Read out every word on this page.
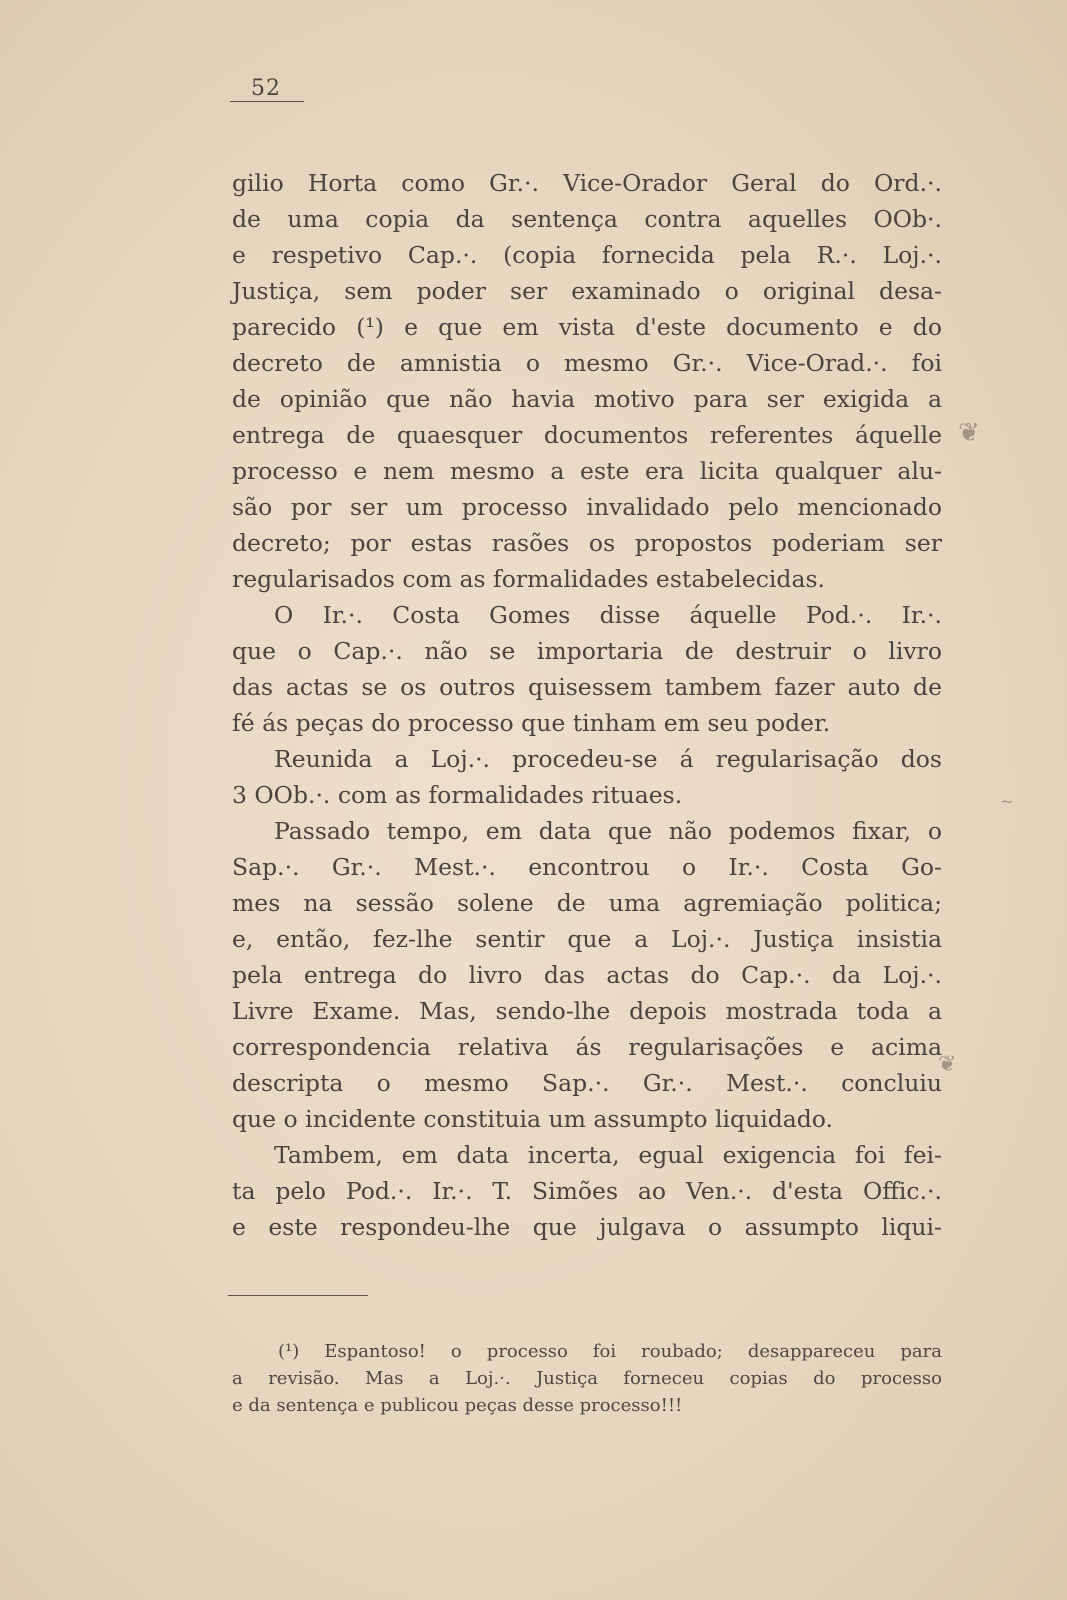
52
gilio Horta como Gr.·. Vice-Orador Geral do Ord.·.
de uma copia da sentença contra aquelles OOb·.
e respetivo Cap.·. (copia fornecida pela R.·. Loj.·.
Justiça, sem poder ser examinado o original desa-
parecido (¹) e que em vista d'este documento e do
decreto de amnistia o mesmo Gr.·. Vice-Orad.·. foi
de opinião que não havia motivo para ser exigida a
entrega de quaesquer documentos referentes áquelle
processo e nem mesmo a este era licita qualquer alu-
são por ser um processo invalidado pelo mencionado
decreto; por estas rasões os propostos poderiam ser
regularisados com as formalidades estabelecidas.
O Ir.·. Costa Gomes disse áquelle Pod.·. Ir.·.
que o Cap.·. não se importaria de destruir o livro
das actas se os outros quisessem tambem fazer auto de
fé ás peças do processo que tinham em seu poder.
Reunida a Loj.·. procedeu-se á regularisação dos
3 OOb.·. com as formalidades rituaes.
Passado tempo, em data que não podemos fixar, o
Sap.·. Gr.·. Mest.·. encontrou o Ir.·. Costa Go-
mes na sessão solene de uma agremiação politica;
e, então, fez-lhe sentir que a Loj.·. Justiça insistia
pela entrega do livro das actas do Cap.·. da Loj.·.
Livre Exame. Mas, sendo-lhe depois mostrada toda a
correspondencia relativa ás regularisações e acima
descripta o mesmo Sap.·. Gr.·. Mest.·. concluiu
que o incidente constituia um assumpto liquidado.
Tambem, em data incerta, egual exigencia foi fei-
ta pelo Pod.·. Ir.·. T. Simões ao Ven.·. d'esta Offic.·.
e este respondeu-lhe que julgava o assumpto liqui-
(¹) Espantoso! o processo foi roubado; desappareceu para
a revisão. Mas a Loj.·. Justiça forneceu copias do processo
e da sentença e publicou peças desse processo!!!
❦
❦
~
